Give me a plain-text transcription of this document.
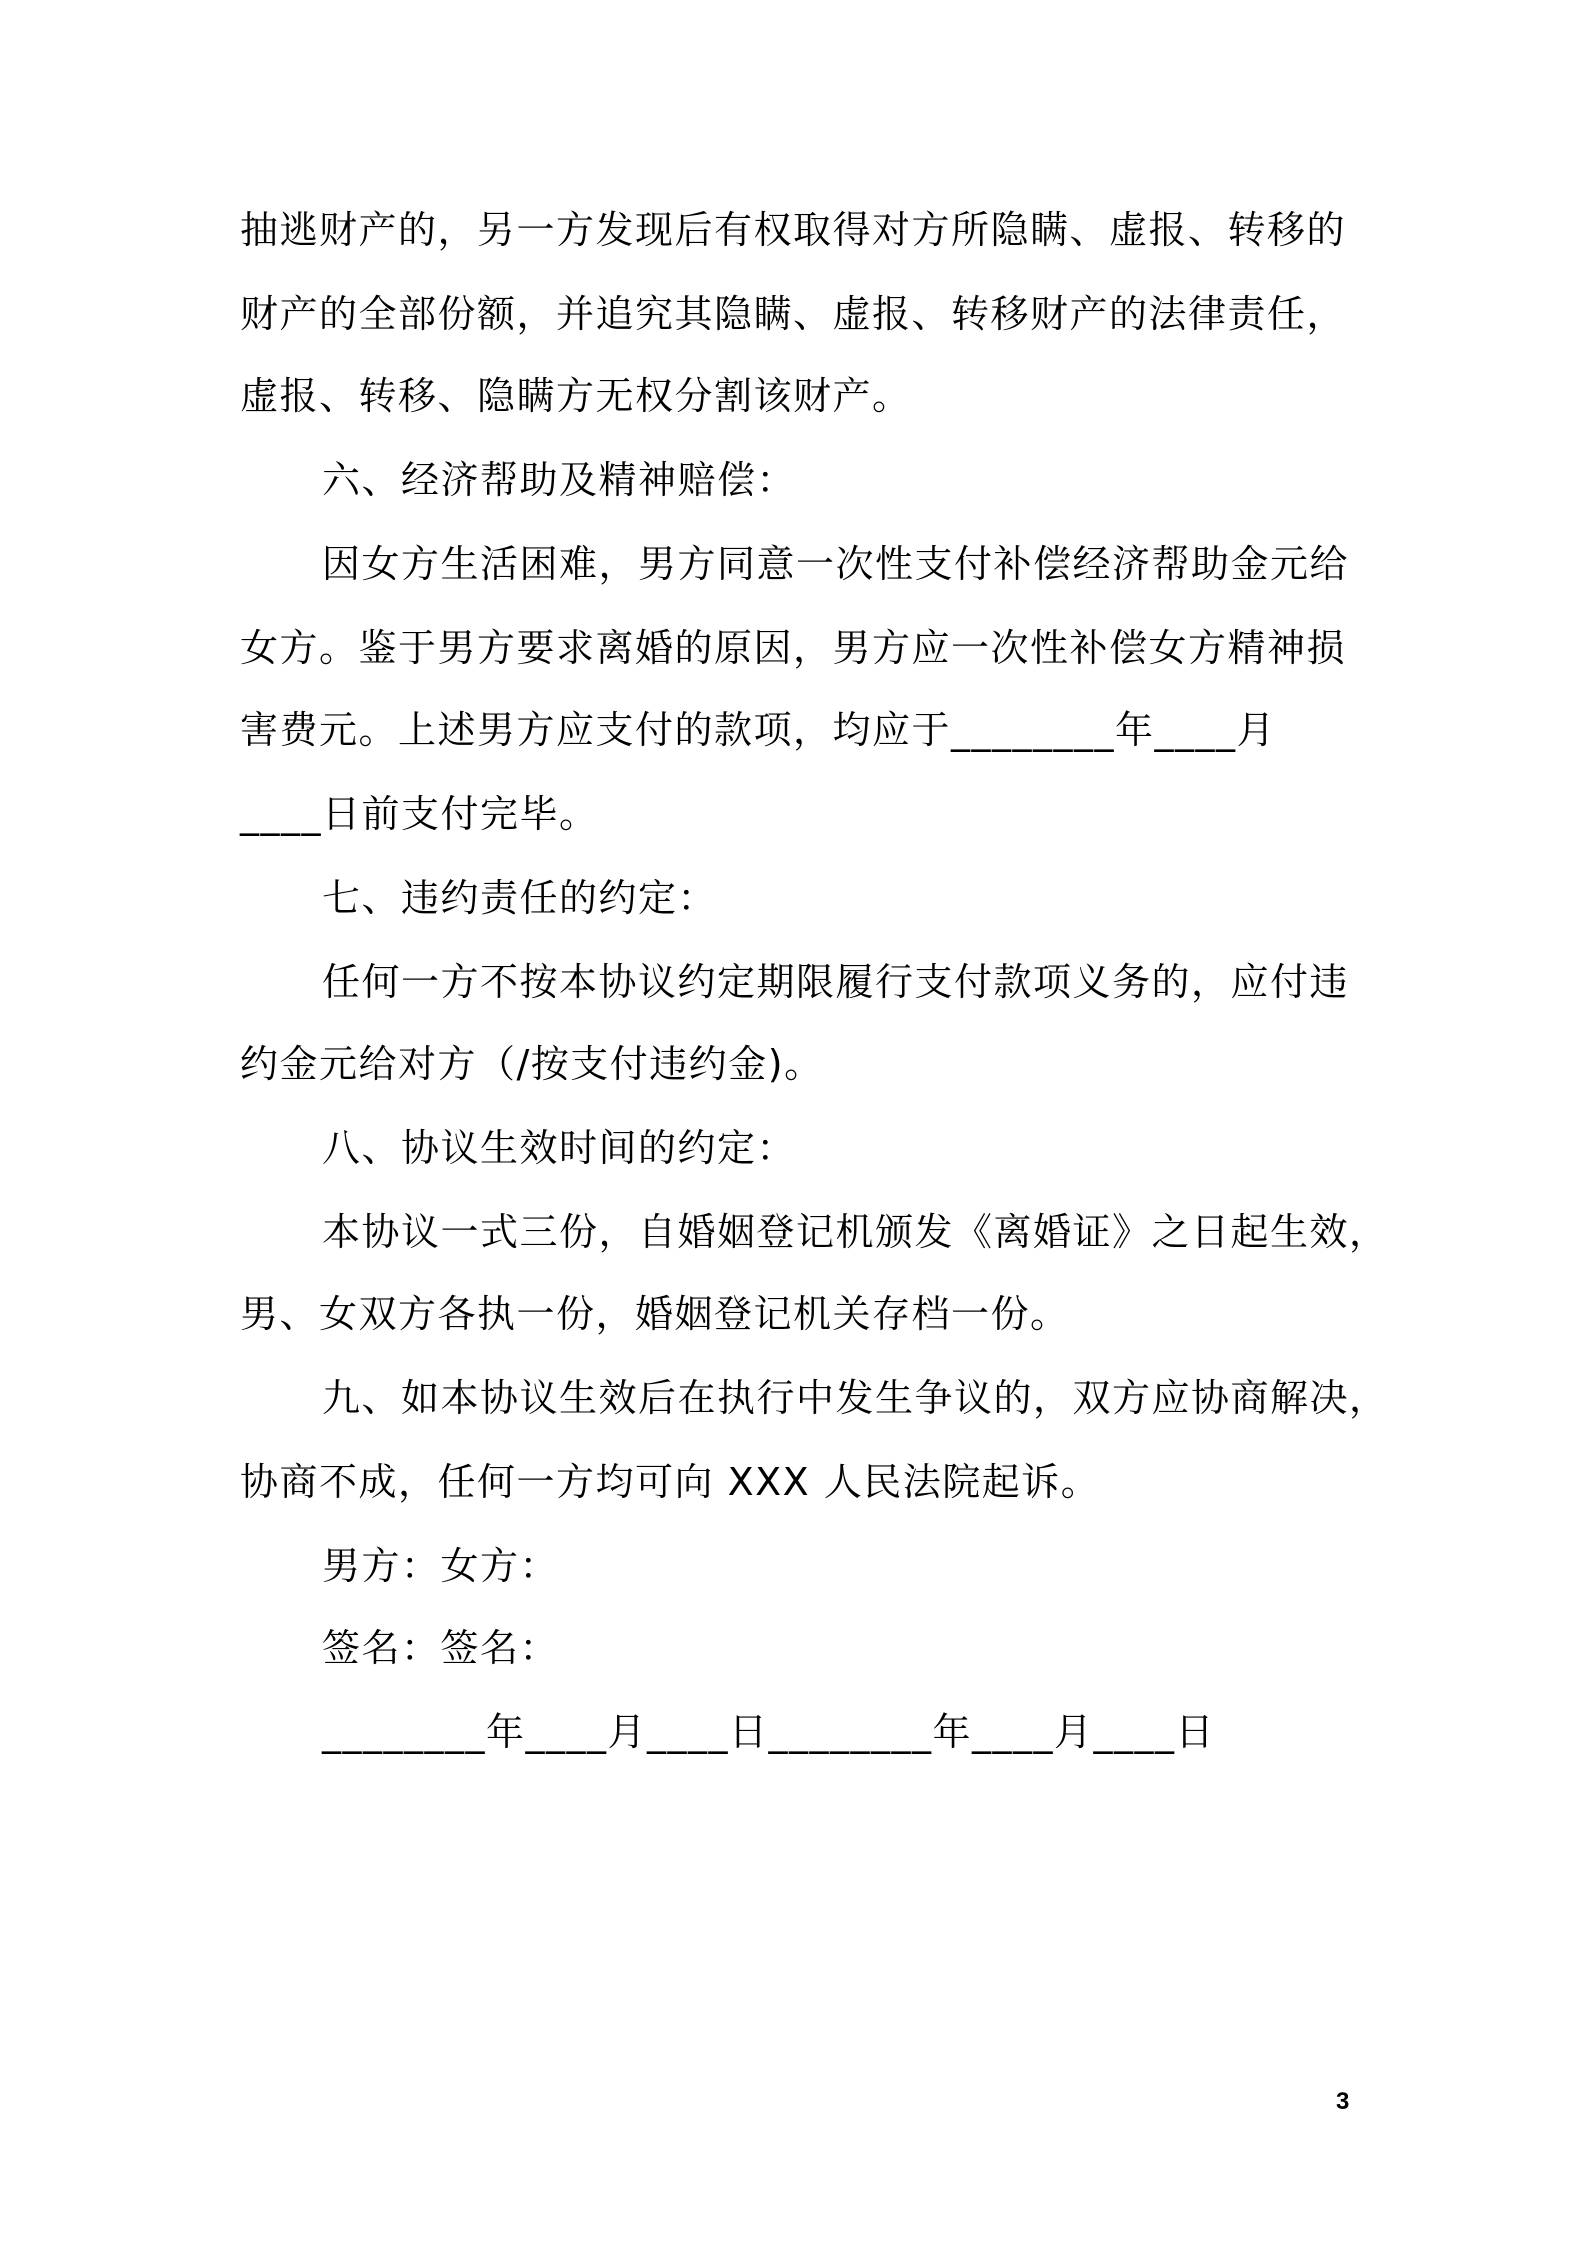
抽逃财产的，另一方发现后有权取得对方所隐瞒、虚报、转移的
财产的全部份额，并追究其隐瞒、虚报、转移财产的法律责任，
虚报、转移、隐瞒方无权分割该财产。
六、经济帮助及精神赔偿：
因女方生活困难，男方同意一次性支付补偿经济帮助金元给
女方。鉴于男方要求离婚的原因，男方应一次性补偿女方精神损
害费元。上述男方应支付的款项，均应于________年____月
____日前支付完毕。
七、违约责任的约定：
任何一方不按本协议约定期限履行支付款项义务的，应付违
约金元给对方（/按支付违约金)。
八、协议生效时间的约定：
本协议一式三份，自婚姻登记机颁发《离婚证》之日起生效，
男、女双方各执一份，婚姻登记机关存档一份。
九、如本协议生效后在执行中发生争议的，双方应协商解决，
协商不成，任何一方均可向 XXX 人民法院起诉。
男方：女方：
签名：签名：
________年____月____日________年____月____日
3
